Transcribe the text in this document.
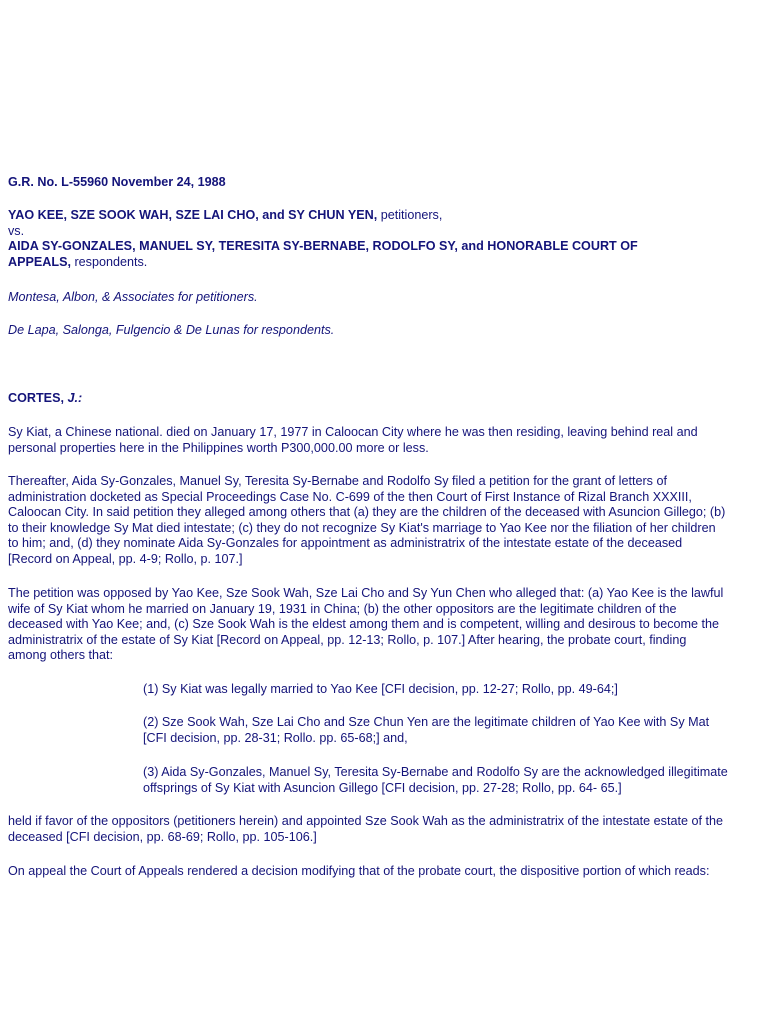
G.R. No. L-55960 November 24, 1988
YAO KEE, SZE SOOK WAH, SZE LAI CHO, and SY CHUN YEN, petitioners,
vs.
AIDA SY-GONZALES, MANUEL SY, TERESITA SY-BERNABE, RODOLFO SY, and HONORABLE COURT OF
APPEALS, respondents.
Montesa, Albon, & Associates for petitioners.
De Lapa, Salonga, Fulgencio & De Lunas for respondents.
CORTES, J.:
Sy Kiat, a Chinese national. died on January 17, 1977 in Caloocan City where he was then residing, leaving behind real and
personal properties here in the Philippines worth P300,000.00 more or less.
Thereafter, Aida Sy-Gonzales, Manuel Sy, Teresita Sy-Bernabe and Rodolfo Sy filed a petition for the grant of letters of
administration docketed as Special Proceedings Case No. C-699 of the then Court of First Instance of Rizal Branch XXXIII,
Caloocan City. In said petition they alleged among others that (a) they are the children of the deceased with Asuncion Gillego; (b)
to their knowledge Sy Mat died intestate; (c) they do not recognize Sy Kiat's marriage to Yao Kee nor the filiation of her children
to him; and, (d) they nominate Aida Sy-Gonzales for appointment as administratrix of the intestate estate of the deceased
[Record on Appeal, pp. 4-9; Rollo, p. 107.]
The petition was opposed by Yao Kee, Sze Sook Wah, Sze Lai Cho and Sy Yun Chen who alleged that: (a) Yao Kee is the lawful
wife of Sy Kiat whom he married on January 19, 1931 in China; (b) the other oppositors are the legitimate children of the
deceased with Yao Kee; and, (c) Sze Sook Wah is the eldest among them and is competent, willing and desirous to become the
administratrix of the estate of Sy Kiat [Record on Appeal, pp. 12-13; Rollo, p. 107.] After hearing, the probate court, finding
among others that:
(1) Sy Kiat was legally married to Yao Kee [CFI decision, pp. 12-27; Rollo, pp. 49-64;]
(2) Sze Sook Wah, Sze Lai Cho and Sze Chun Yen are the legitimate children of Yao Kee with Sy Mat
[CFI decision, pp. 28-31; Rollo. pp. 65-68;] and,
(3) Aida Sy-Gonzales, Manuel Sy, Teresita Sy-Bernabe and Rodolfo Sy are the acknowledged illegitimate
offsprings of Sy Kiat with Asuncion Gillego [CFI decision, pp. 27-28; Rollo, pp. 64- 65.]
held if favor of the oppositors (petitioners herein) and appointed Sze Sook Wah as the administratrix of the intestate estate of the
deceased [CFI decision, pp. 68-69; Rollo, pp. 105-106.]
On appeal the Court of Appeals rendered a decision modifying that of the probate court, the dispositive portion of which reads:
